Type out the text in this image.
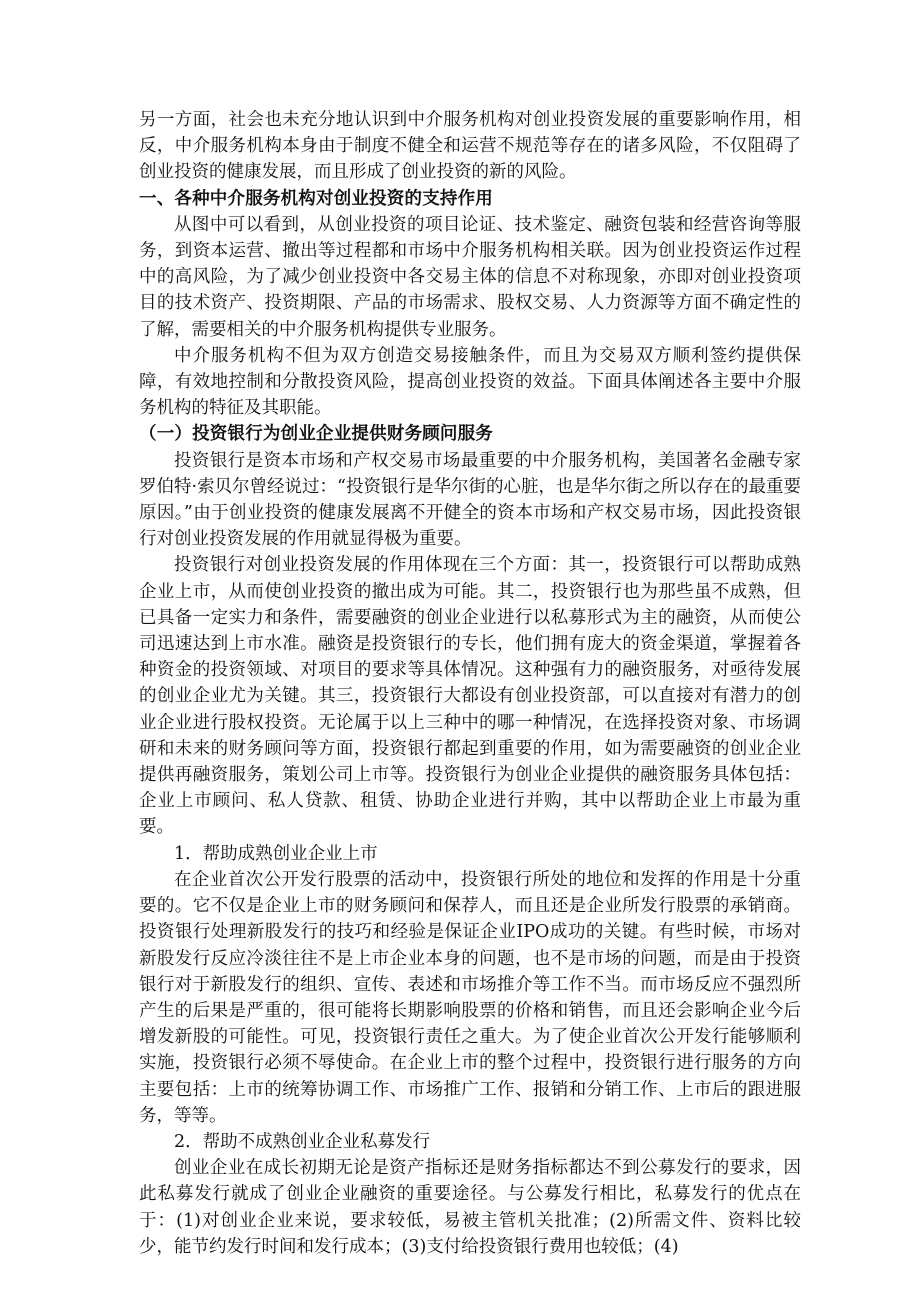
另一方面，社会也未充分地认识到中介服务机构对创业投资发展的重要影响作用，相反，中介服务机构本身由于制度不健全和运营不规范等存在的诸多风险，不仅阻碍了创业投资的健康发展，而且形成了创业投资的新的风险。

一、各种中介服务机构对创业投资的支持作用

从图中可以看到，从创业投资的项目论证、技术鉴定、融资包装和经营咨询等服务，到资本运营、撤出等过程都和市场中介服务机构相关联。因为创业投资运作过程中的高风险，为了减少创业投资中各交易主体的信息不对称现象，亦即对创业投资项目的技术资产、投资期限、产品的市场需求、股权交易、人力资源等方面不确定性的了解，需要相关的中介服务机构提供专业服务。

中介服务机构不但为双方创造交易接触条件，而且为交易双方顺利签约提供保障，有效地控制和分散投资风险，提高创业投资的效益。下面具体阐述各主要中介服务机构的特征及其职能。

（一）投资银行为创业企业提供财务顾问服务

投资银行是资本市场和产权交易市场最重要的中介服务机构，美国著名金融专家罗伯特·索贝尔曾经说过：“投资银行是华尔街的心脏，也是华尔街之所以存在的最重要原因。”由于创业投资的健康发展离不开健全的资本市场和产权交易市场，因此投资银行对创业投资发展的作用就显得极为重要。

投资银行对创业投资发展的作用体现在三个方面：其一，投资银行可以帮助成熟企业上市，从而使创业投资的撤出成为可能。其二，投资银行也为那些虽不成熟，但已具备一定实力和条件，需要融资的创业企业进行以私募形式为主的融资，从而使公司迅速达到上市水准。融资是投资银行的专长，他们拥有庞大的资金渠道，掌握着各种资金的投资领域、对项目的要求等具体情况。这种强有力的融资服务，对亟待发展的创业企业尤为关键。其三，投资银行大都设有创业投资部，可以直接对有潜力的创业企业进行股权投资。无论属于以上三种中的哪一种情况，在选择投资对象、市场调研和未来的财务顾问等方面，投资银行都起到重要的作用，如为需要融资的创业企业提供再融资服务，策划公司上市等。投资银行为创业企业提供的融资服务具体包括：企业上市顾问、私人贷款、租赁、协助企业进行并购，其中以帮助企业上市最为重要。

1．帮助成熟创业企业上市

在企业首次公开发行股票的活动中，投资银行所处的地位和发挥的作用是十分重要的。它不仅是企业上市的财务顾问和保荐人，而且还是企业所发行股票的承销商。投资银行处理新股发行的技巧和经验是保证企业IPO成功的关键。有些时候，市场对新股发行反应冷淡往往不是上市企业本身的问题，也不是市场的问题，而是由于投资银行对于新股发行的组织、宣传、表述和市场推介等工作不当。而市场反应不强烈所产生的后果是严重的，很可能将长期影响股票的价格和销售，而且还会影响企业今后增发新股的可能性。可见，投资银行责任之重大。为了使企业首次公开发行能够顺利实施，投资银行必须不辱使命。在企业上市的整个过程中，投资银行进行服务的方向主要包括：上市的统筹协调工作、市场推广工作、报销和分销工作、上市后的跟进服务，等等。

2．帮助不成熟创业企业私募发行

创业企业在成长初期无论是资产指标还是财务指标都达不到公募发行的要求，因此私募发行就成了创业企业融资的重要途径。与公募发行相比，私募发行的优点在于：(1)对创业企业来说，要求较低，易被主管机关批准；(2)所需文件、资料比较少，能节约发行时间和发行成本；(3)支付给投资银行费用也较低；(4)
